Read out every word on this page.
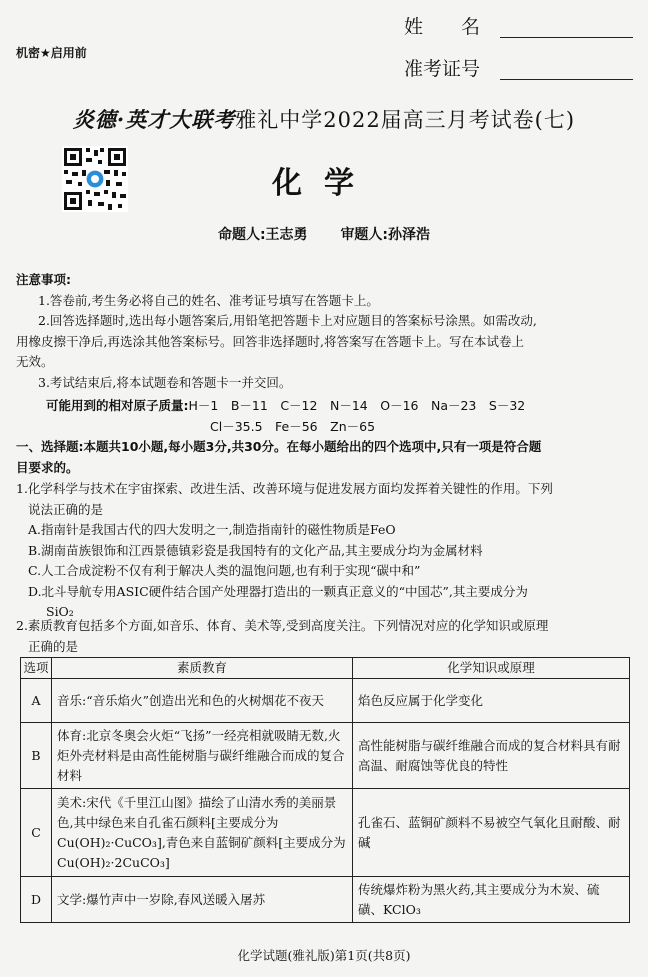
机密★启用前
姓　　名
准考证号
炎德·英才大联考雅礼中学2022届高三月考试卷(七)
化学
命题人:王志勇 审题人:孙泽浩
注意事项:
1.答卷前,考生务必将自己的姓名、准考证号填写在答题卡上。
2.回答选择题时,选出每小题答案后,用铅笔把答题卡上对应题目的答案标号涂黑。如需改动,
用橡皮擦干净后,再选涂其他答案标号。回答非选择题时,将答案写在答题卡上。写在本试卷上
无效。
3.考试结束后,将本试题卷和答题卡一并交回。
可能用到的相对原子质量:H－1　B－11　C－12　N－14　O－16　Na－23　S－32
Cl－35.5　Fe－56　Zn－65
一、选择题:本题共10小题,每小题3分,共30分。在每小题给出的四个选项中,只有一项是符合题
目要求的。
1.化学科学与技术在宇宙探索、改进生活、改善环境与促进发展方面均发挥着关键性的作用。下列
说法正确的是
A.指南针是我国古代的四大发明之一,制造指南针的磁性物质是FeO
B.湖南苗族银饰和江西景德镇彩瓷是我国特有的文化产品,其主要成分均为金属材料
C.人工合成淀粉不仅有利于解决人类的温饱问题,也有利于实现“碳中和”
D.北斗导航专用ASIC硬件结合国产处理器打造出的一颗真正意义的“中国芯”,其主要成分为
SiO₂
2.素质教育包括多个方面,如音乐、体育、美术等,受到高度关注。下列情况对应的化学知识或原理
正确的是
选项	素质教育	化学知识或原理
A	音乐:“音乐焰火”创造出光和色的火树烟花不夜天	焰色反应属于化学变化
B	体育:北京冬奥会火炬“飞扬”一经亮相就吸睛无数,火炬外壳材料是由高性能树脂与碳纤维融合而成的复合材料	高性能树脂与碳纤维融合而成的复合材料具有耐高温、耐腐蚀等优良的特性
C	美术:宋代《千里江山图》描绘了山清水秀的美丽景色,其中绿色来自孔雀石颜料[主要成分为Cu(OH)₂·CuCO₃],青色来自蓝铜矿颜料[主要成分为Cu(OH)₂·2CuCO₃]	孔雀石、蓝铜矿颜料不易被空气氧化且耐酸、耐碱
D	文学:爆竹声中一岁除,春风送暖入屠苏	传统爆炸粉为黑火药,其主要成分为木炭、硫磺、KClO₃
化学试题(雅礼版)第1页(共8页)
